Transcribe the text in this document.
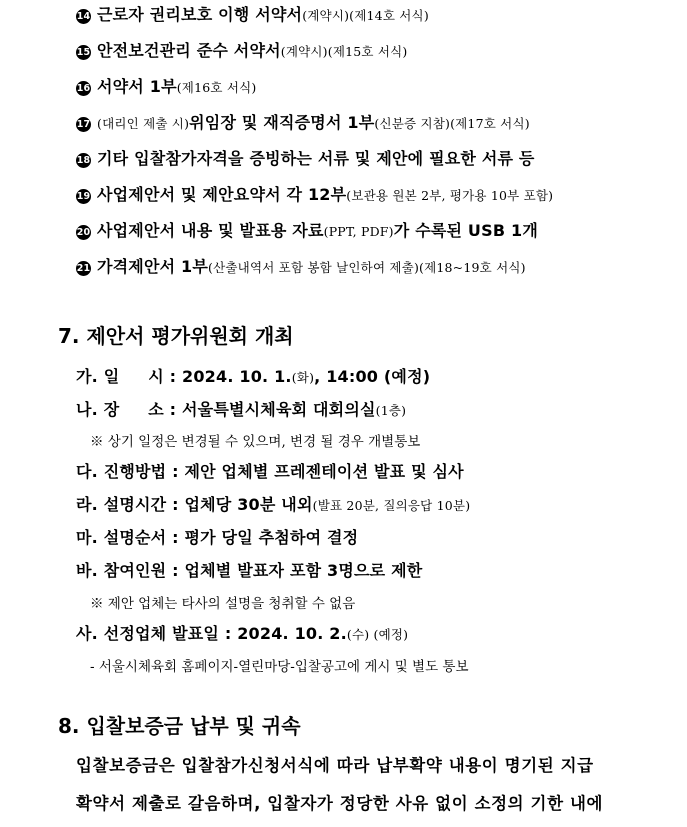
14 근로자 권리보호 이행 서약서(계약시)(제14호 서식)
15 안전보건관리 준수 서약서(계약시)(제15호 서식)
16 서약서 1부(제16호 서식)
17 (대리인 제출 시)위임장 및 재직증명서 1부(신분증 지참)(제17호 서식)
18 기타 입찰참가자격을 증빙하는 서류 및 제안에 필요한 서류 등
19 사업제안서 및 제안요약서 각 12부(보관용 원본 2부, 평가용 10부 포함)
20 사업제안서 내용 및 발표용 자료(PPT, PDF)가 수록된 USB 1개
21 가격제안서 1부(산출내역서 포함 봉함 날인하여 제출)(제18~19호 서식)
7. 제안서 평가위원회 개최
가. 일     시 : 2024. 10. 1.(화), 14:00 (예정)
나. 장     소 : 서울특별시체육회 대회의실(1층)
※ 상기 일정은 변경될 수 있으며, 변경 될 경우 개별통보
다. 진행방법 : 제안 업체별 프레젠테이션 발표 및 심사
라. 설명시간 : 업체당 30분 내외(발표 20분, 질의응답 10분)
마. 설명순서 : 평가 당일 추첨하여 결정
바. 참여인원 : 업체별 발표자 포함 3명으로 제한
※ 제안 업체는 타사의 설명을 청취할 수 없음
사. 선정업체 발표일 : 2024. 10. 2.(수) (예정)
- 서울시체육회 홈페이지-열린마당-입찰공고에 게시 및 별도 통보
8. 입찰보증금 납부 및 귀속
입찰보증금은 입찰참가신청서식에 따라 납부확약 내용이 명기된 지급
확약서 제출로 갈음하며, 입찰자가 정당한 사유 없이 소정의 기한 내에
